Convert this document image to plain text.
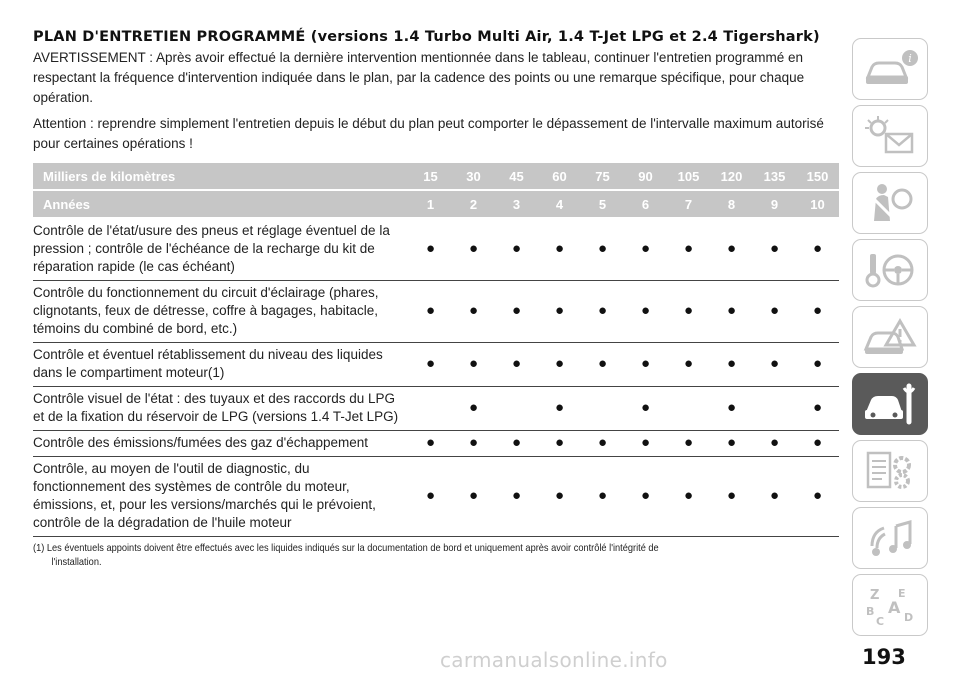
PLAN D'ENTRETIEN PROGRAMMÉ (versions 1.4 Turbo Multi Air, 1.4 T-Jet LPG et 2.4 Tigershark)

AVERTISSEMENT : Après avoir effectué la dernière intervention mentionnée dans le tableau, continuer l'entretien programmé en respectant la fréquence d'intervention indiquée dans le plan, par la cadence des points ou une remarque spécifique, pour chaque opération.

Attention : reprendre simplement l'entretien depuis le début du plan peut comporter le dépassement de l'intervalle maximum autorisé pour certaines opérations !

Milliers de kilomètres	15	30	45	60	75	90	105	120	135	150
Années	1	2	3	4	5	6	7	8	9	10
Contrôle de l'état/usure des pneus et réglage éventuel de la pression ; contrôle de l'échéance de la recharge du kit de réparation rapide (le cas échéant)	●	●	●	●	●	●	●	●	●	●
Contrôle du fonctionnement du circuit d'éclairage (phares, clignotants, feux de détresse, coffre à bagages, habitacle, témoins du combiné de bord, etc.)	●	●	●	●	●	●	●	●	●	●
Contrôle et éventuel rétablissement du niveau des liquides dans le compartiment moteur(1)	●	●	●	●	●	●	●	●	●	●
Contrôle visuel de l'état : des tuyaux et des raccords du LPG et de la fixation du réservoir de LPG (versions 1.4 T-Jet LPG)		●		●		●		●		●
Contrôle des émissions/fumées des gaz d'échappement	●	●	●	●	●	●	●	●	●	●
Contrôle, au moyen de l'outil de diagnostic, du fonctionnement des systèmes de contrôle du moteur, émissions, et, pour les versions/marchés qui le prévoient, contrôle de la dégradation de l'huile moteur	●	●	●	●	●	●	●	●	●	●
(1) Les éventuels appoints doivent être effectués avec les liquides indiqués sur la documentation de bord et uniquement après avoir contrôlé l'intégrité de
l'installation.
carmanualsonline.info	193
i
Z E
A
B
C D
